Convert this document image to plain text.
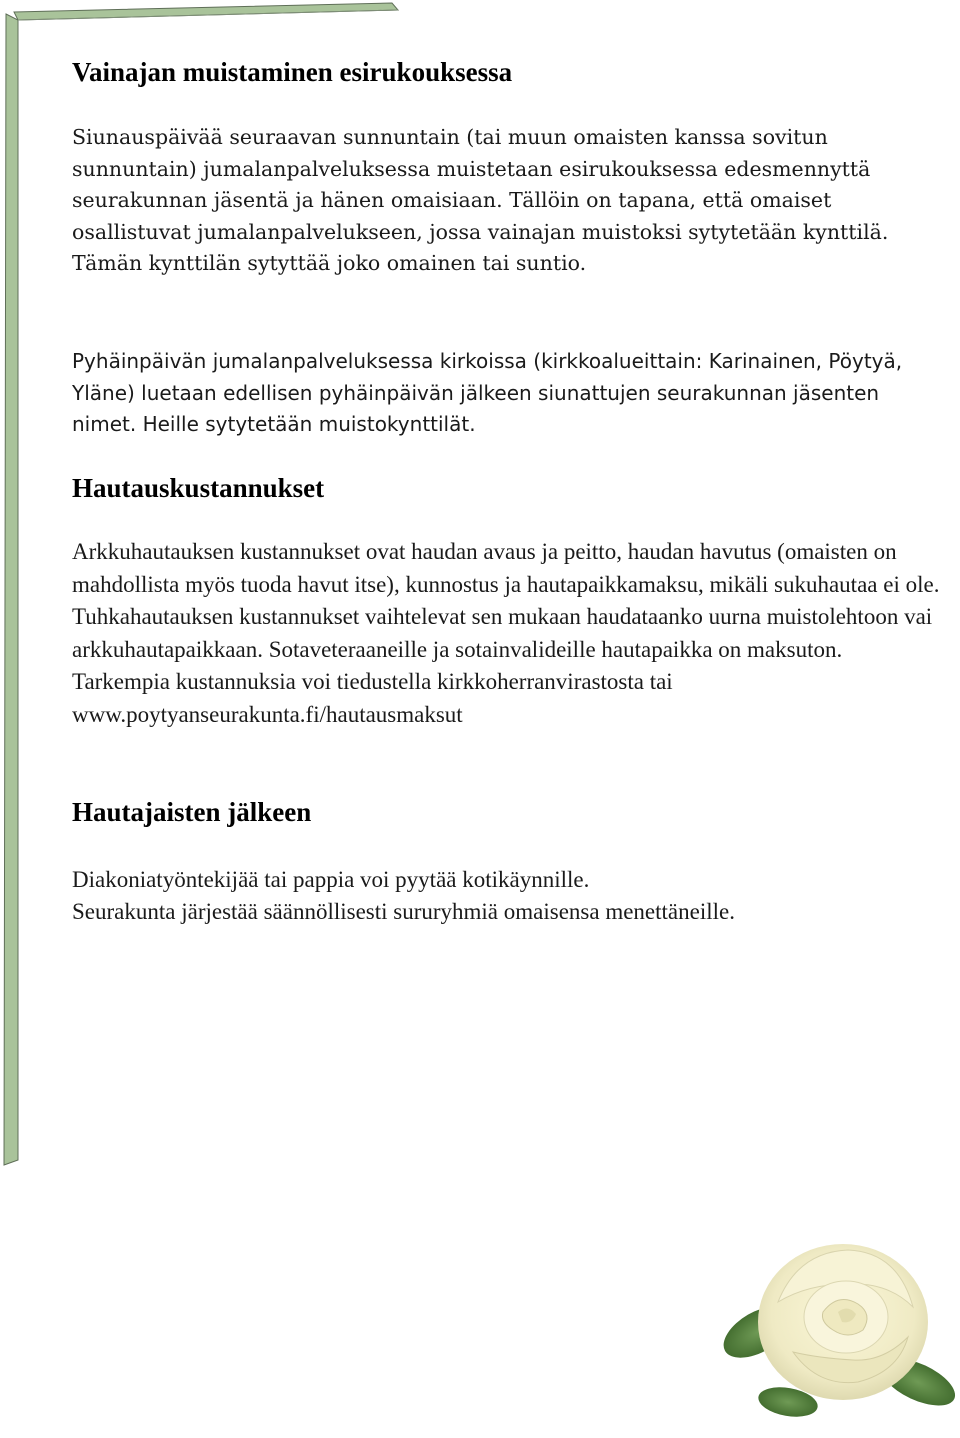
Vainajan muistaminen esirukouksessa

Siunauspäivää seuraavan sunnuntain (tai muun omaisten kanssa sovitun sunnuntain) jumalanpalveluksessa muistetaan esirukouksessa edesmennyttä seurakunnan jäsentä ja hänen omaisiaan. Tällöin on tapana, että omaiset osallistuvat jumalanpalvelukseen, jossa vainajan muistoksi sytytetään kynttilä. Tämän kynttilän sytyttää joko omainen tai suntio.

Pyhäinpäivän jumalanpalveluksessa kirkoissa (kirkkoalueittain: Karinainen, Pöytyä, Yläne) luetaan edellisen pyhäinpäivän jälkeen siunattujen seurakunnan jäsenten nimet. Heille sytytetään muistokynttilät.

Hautauskustannukset

Arkkuhautauksen kustannukset ovat haudan avaus ja peitto, haudan havutus (omaisten on mahdollista myös tuoda havut itse), kunnostus ja hautapaikkamaksu, mikäli sukuhautaa ei ole. Tuhkahautauksen kustannukset vaihtelevat sen mukaan haudataanko uurna muistolehtoon vai arkkuhautapaikkaan. Sotaveteraaneille ja sotainvalideille hautapaikka on maksuton. Tarkempia kustannuksia voi tiedustella kirkkoherranvirastosta tai www.poytyanseurakunta.fi/hautausmaksut

Hautajaisten jälkeen

Diakoniatyöntekijää tai pappia voi pyytää kotikäynnille.

Seurakunta järjestää säännöllisesti sururyhmiä omaisensa menettäneille.
